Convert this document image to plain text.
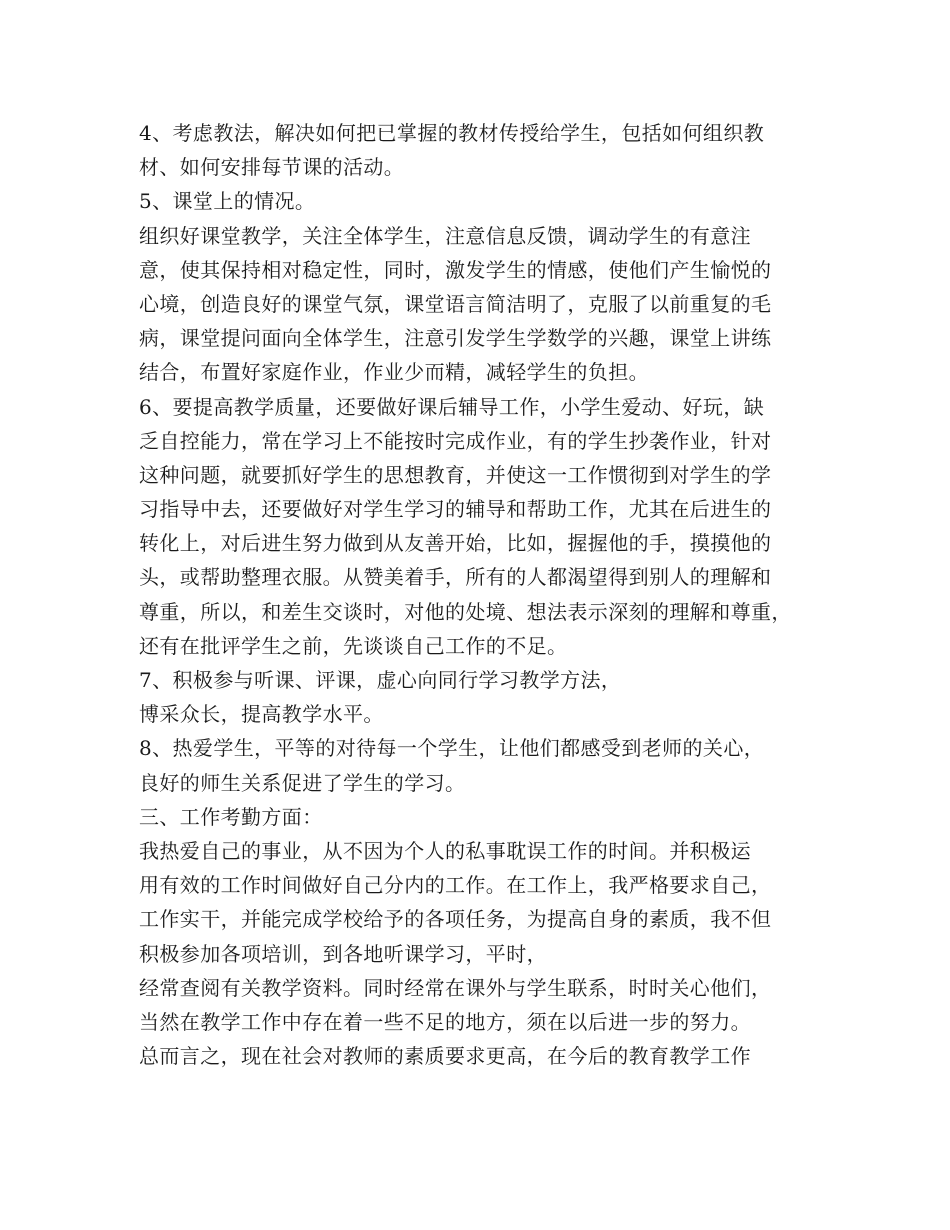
4、考虑教法，解决如何把已掌握的教材传授给学生，包括如何组织教
材、如何安排每节课的活动。
5、课堂上的情况。
组织好课堂教学，关注全体学生，注意信息反馈，调动学生的有意注
意，使其保持相对稳定性，同时，激发学生的情感，使他们产生愉悦的
心境，创造良好的课堂气氛，课堂语言简洁明了，克服了以前重复的毛
病，课堂提问面向全体学生，注意引发学生学数学的兴趣，课堂上讲练
结合，布置好家庭作业，作业少而精，减轻学生的负担。
6、要提高教学质量，还要做好课后辅导工作，小学生爱动、好玩，缺
乏自控能力，常在学习上不能按时完成作业，有的学生抄袭作业，针对
这种问题，就要抓好学生的思想教育，并使这一工作惯彻到对学生的学
习指导中去，还要做好对学生学习的辅导和帮助工作，尤其在后进生的
转化上，对后进生努力做到从友善开始，比如，握握他的手，摸摸他的
头，或帮助整理衣服。从赞美着手，所有的人都渴望得到别人的理解和
尊重，所以，和差生交谈时，对他的处境、想法表示深刻的理解和尊重，
还有在批评学生之前，先谈谈自己工作的不足。
7、积极参与听课、评课，虚心向同行学习教学方法，
博采众长，提高教学水平。
8、热爱学生，平等的对待每一个学生，让他们都感受到老师的关心，
良好的师生关系促进了学生的学习。
三、工作考勤方面：
我热爱自己的事业，从不因为个人的私事耽误工作的时间。并积极运
用有效的工作时间做好自己分内的工作。在工作上，我严格要求自己，
工作实干，并能完成学校给予的各项任务，为提高自身的素质，我不但
积极参加各项培训，到各地听课学习，平时，
经常查阅有关教学资料。同时经常在课外与学生联系，时时关心他们，
当然在教学工作中存在着一些不足的地方，须在以后进一步的努力。
总而言之，现在社会对教师的素质要求更高，在今后的教育教学工作
